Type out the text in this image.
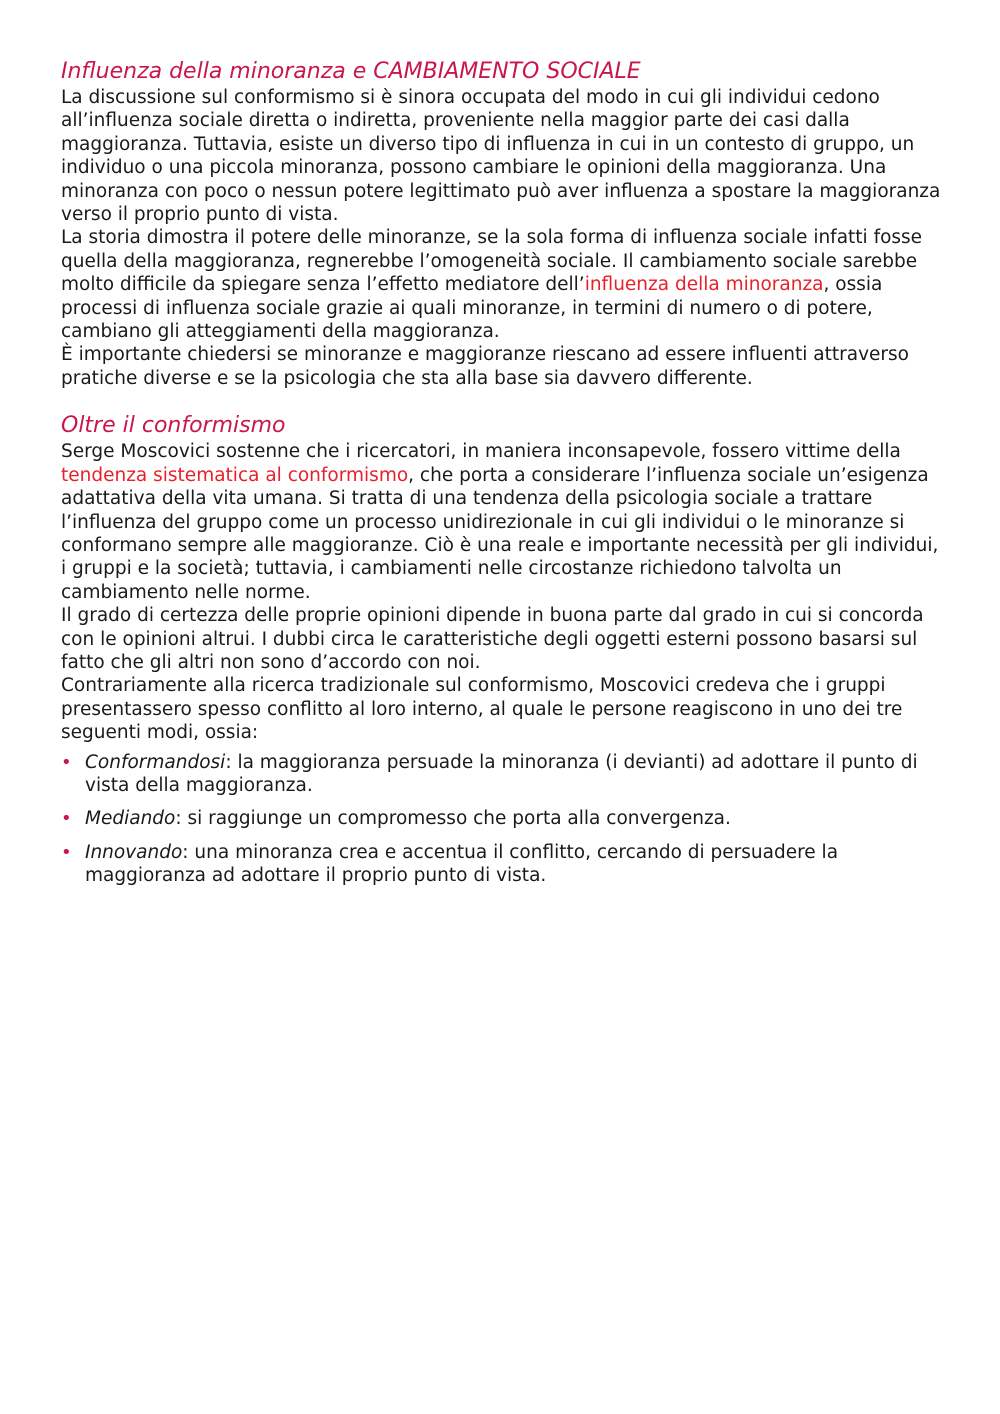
Influenza della minoranza e CAMBIAMENTO SOCIALE

La discussione sul conformismo si è sinora occupata del modo in cui gli individui cedono all’influenza sociale diretta o indiretta, proveniente nella maggior parte dei casi dalla maggioranza. Tuttavia, esiste un diverso tipo di influenza in cui in un contesto di gruppo, un individuo o una piccola minoranza, possono cambiare le opinioni della maggioranza. Una minoranza con poco o nessun potere legittimato può aver influenza a spostare la maggioranza verso il proprio punto di vista.

La storia dimostra il potere delle minoranze, se la sola forma di influenza sociale infatti fosse quella della maggioranza, regnerebbe l’omogeneità sociale. Il cambiamento sociale sarebbe molto difficile da spiegare senza l’effetto mediatore dell’influenza della minoranza, ossia processi di influenza sociale grazie ai quali minoranze, in termini di numero o di potere, cambiano gli atteggiamenti della maggioranza.

È importante chiedersi se minoranze e maggioranze riescano ad essere influenti attraverso pratiche diverse e se la psicologia che sta alla base sia davvero differente.

Oltre il conformismo

Serge Moscovici sostenne che i ricercatori, in maniera inconsapevole, fossero vittime della tendenza sistematica al conformismo, che porta a considerare l’influenza sociale un’esigenza adattativa della vita umana. Si tratta di una tendenza della psicologia sociale a trattare l’influenza del gruppo come un processo unidirezionale in cui gli individui o le minoranze si conformano sempre alle maggioranze. Ciò è una reale e importante necessità per gli individui, i gruppi e la società; tuttavia, i cambiamenti nelle circostanze richiedono talvolta un cambiamento nelle norme.

Il grado di certezza delle proprie opinioni dipende in buona parte dal grado in cui si concorda con le opinioni altrui. I dubbi circa le caratteristiche degli oggetti esterni possono basarsi sul fatto che gli altri non sono d’accordo con noi.

Contrariamente alla ricerca tradizionale sul conformismo, Moscovici credeva che i gruppi presentassero spesso conflitto al loro interno, al quale le persone reagiscono in uno dei tre seguenti modi, ossia:

• Conformandosi: la maggioranza persuade la minoranza (i devianti) ad adottare il punto di vista della maggioranza.
• Mediando: si raggiunge un compromesso che porta alla convergenza.
• Innovando: una minoranza crea e accentua il conflitto, cercando di persuadere la maggioranza ad adottare il proprio punto di vista.
